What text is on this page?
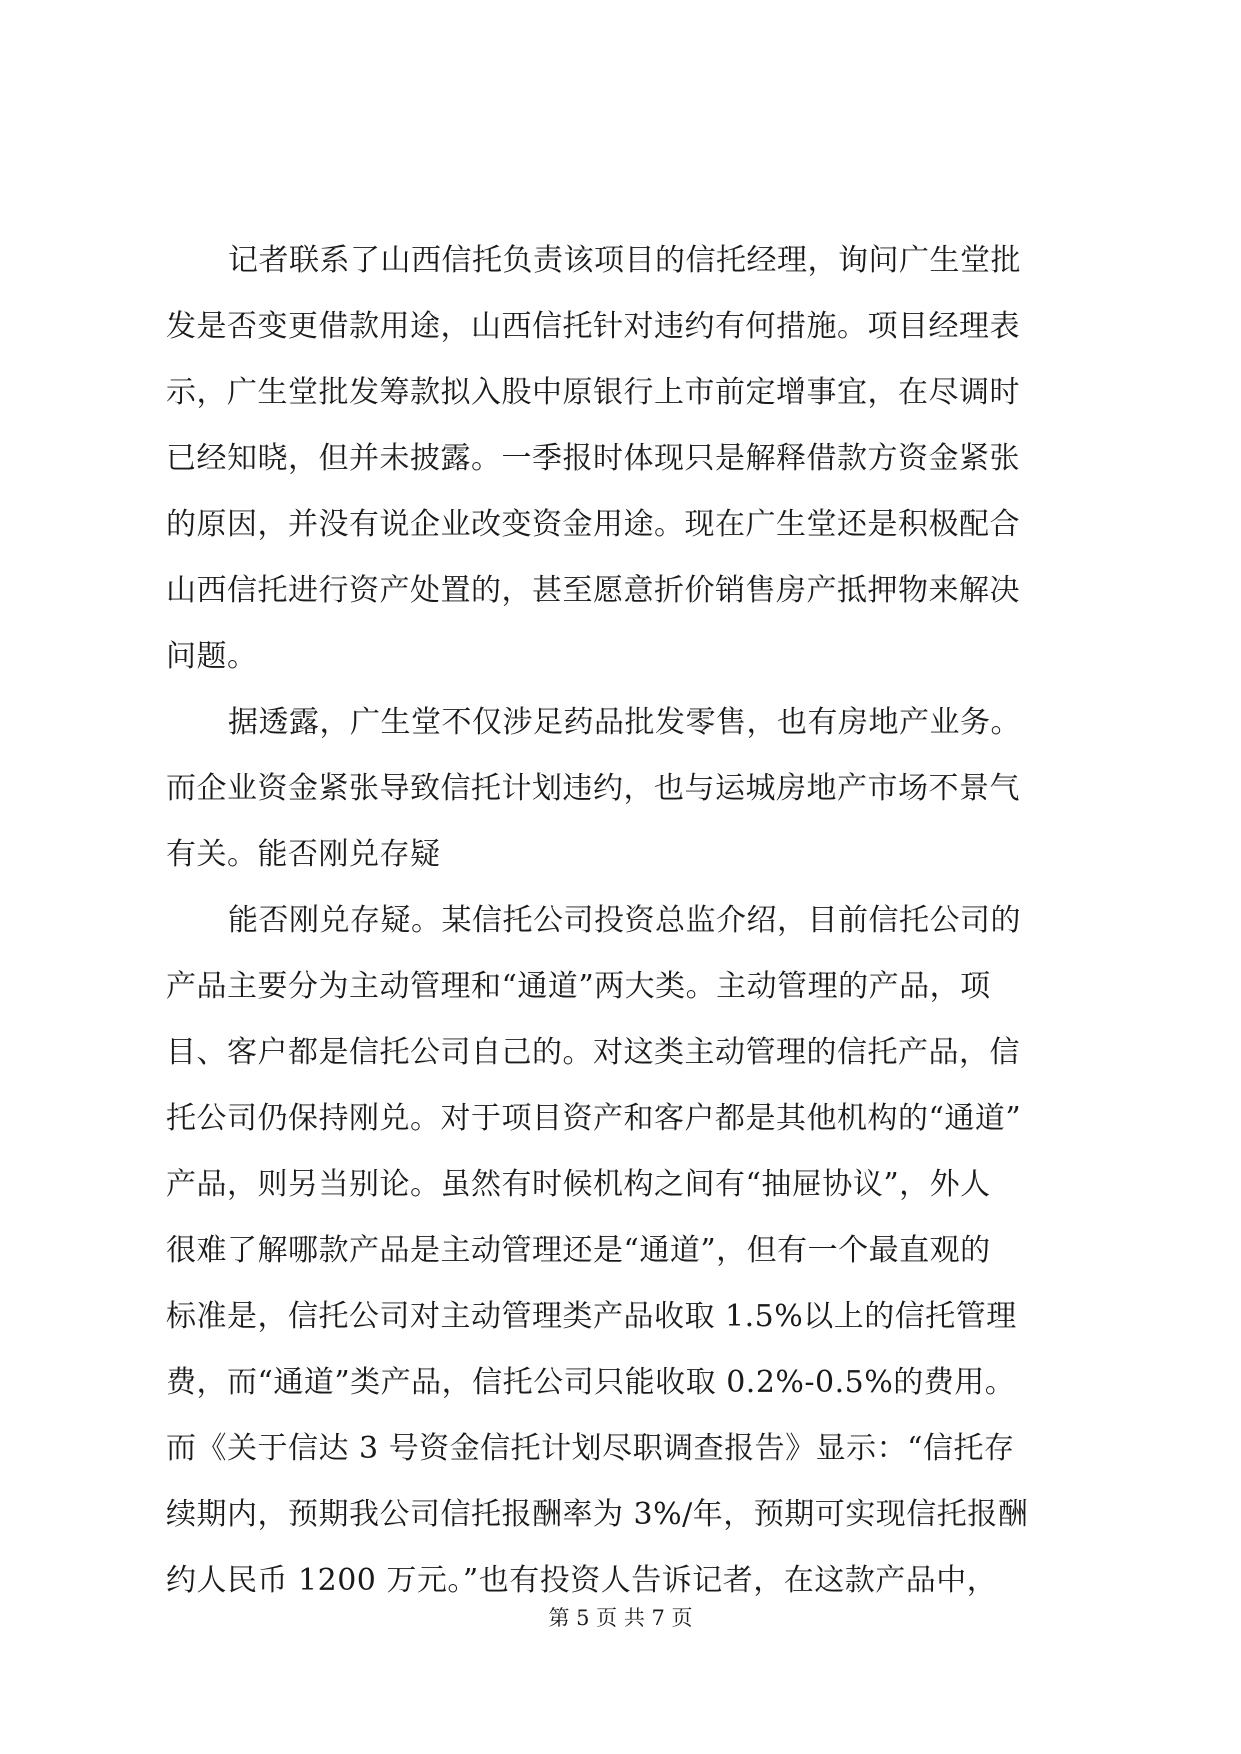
记者联系了山西信托负责该项目的信托经理，询问广生堂批
发是否变更借款用途，山西信托针对违约有何措施。项目经理表
示，广生堂批发筹款拟入股中原银行上市前定增事宜，在尽调时
已经知晓，但并未披露。一季报时体现只是解释借款方资金紧张
的原因，并没有说企业改变资金用途。现在广生堂还是积极配合
山西信托进行资产处置的，甚至愿意折价销售房产抵押物来解决
问题。
据透露，广生堂不仅涉足药品批发零售，也有房地产业务。
而企业资金紧张导致信托计划违约，也与运城房地产市场不景气
有关。能否刚兑存疑
能否刚兑存疑。某信托公司投资总监介绍，目前信托公司的
产品主要分为主动管理和“通道”两大类。主动管理的产品，项
目、客户都是信托公司自己的。对这类主动管理的信托产品，信
托公司仍保持刚兑。对于项目资产和客户都是其他机构的“通道”
产品，则另当别论。虽然有时候机构之间有“抽屉协议”，外人
很难了解哪款产品是主动管理还是“通道”，但有一个最直观的
标准是，信托公司对主动管理类产品收取 1.5%以上的信托管理
费，而“通道”类产品，信托公司只能收取 0.2%-0.5%的费用。
而《关于信达 3 号资金信托计划尽职调查报告》显示：“信托存
续期内，预期我公司信托报酬率为 3%/年，预期可实现信托报酬
约人民币 1200 万元。”也有投资人告诉记者，在这款产品中，
第 5 页 共 7 页
